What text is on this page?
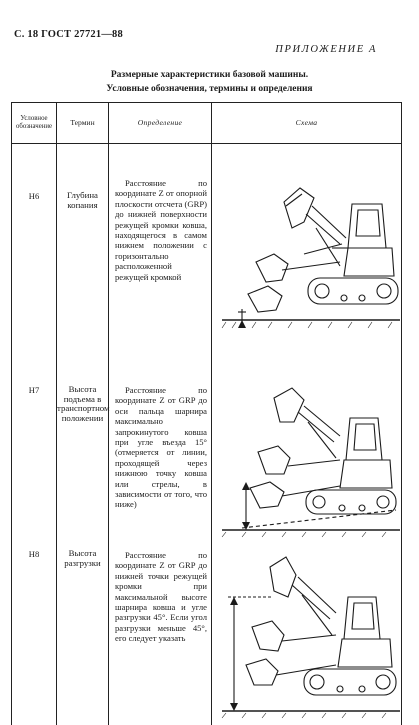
С. 18 ГОСТ 27721—88
ПРИЛОЖЕНИЕ А
Размерные характеристики базовой машины.
Условные обозначения, термины и определения
Условное обозначение	Термин	Определение	Схема
H6	Глубина копания	Расстояние по координате Z от опорной плоскости отсчета (GRP) до нижней поверхности режущей кромки ковша, находящегося в самом нижнем положении с горизонтально расположенной режущей кромкой	

H7	Высота подъема в транспортном положении	Расстояние по координате Z от GRP до оси пальца шарнира максимально запрокинутого ковша при угле въезда 15° (отмеряется от линии, проходящей через нижнюю точку ковша или стрелы, в зависимости от того, что ниже)	

H8	Высота разгрузки	Расстояние по координате Z от GRP до нижней точки режущей кромки при максимальной высоте шарнира ковша и угле разгрузки 45°. Если угол разгрузки меньше 45°, его следует указать	
